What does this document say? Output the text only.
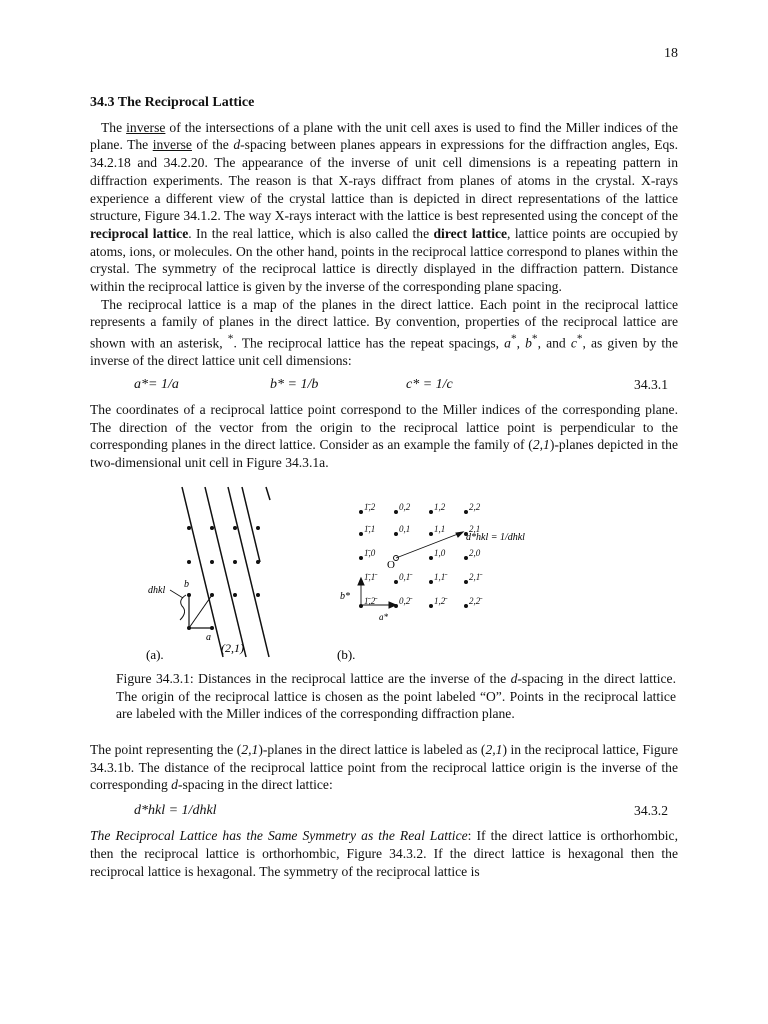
18
34.3 The Reciprocal Lattice

The inverse of the intersections of a plane with the unit cell axes is used to find the Miller indices of the plane. The inverse of the d-spacing between planes appears in expressions for the diffraction angles, Eqs. 34.2.18 and 34.2.20. The appearance of the inverse of unit cell dimensions is a repeating pattern in diffraction experiments. The reason is that X-rays diffract from planes of atoms in the crystal. X-rays experience a different view of the crystal lattice than is depicted in direct representations of the lattice structure, Figure 34.1.2. The way X-rays interact with the lattice is best represented using the concept of the reciprocal lattice. In the real lattice, which is also called the direct lattice, lattice points are occupied by atoms, ions, or molecules. On the other hand, points in the reciprocal lattice correspond to planes within the crystal. The symmetry of the reciprocal lattice is directly displayed in the diffraction pattern. Distance within the reciprocal lattice is given by the inverse of the corresponding plane spacing.

The reciprocal lattice is a map of the planes in the direct lattice. Each point in the reciprocal lattice represents a family of planes in the direct lattice. By convention, properties of the reciprocal lattice are shown with an asterisk, *. The reciprocal lattice has the repeat spacings, a*, b*, and c*, as given by the inverse of the direct lattice unit cell dimensions:

a*= 1/a	b* = 1/b	c* = 1/c	34.3.1

The coordinates of a reciprocal lattice point correspond to the Miller indices of the corresponding plane. The direction of the vector from the origin to the reciprocal lattice point is perpendicular to the corresponding planes in the direct lattice. Consider as an example the family of (2,1)-planes depicted in the two-dimensional unit cell in Figure 34.3.1a.

dhkl
b
a
(2,1)
(a).
1̄,2	0,2	1,2	2,2
1̄,1	0,1	1,1	2,1
1̄,0	1,0	2,0
1̄,1̄	0,1̄	1,1̄	2,1̄
1̄,2̄	0,2̄	1,2̄	2,2̄
O
b*
a*
d*hkl = 1/dhkl
(b).

Figure 34.3.1: Distances in the reciprocal lattice are the inverse of the d-spacing in the direct lattice. The origin of the reciprocal lattice is chosen as the point labeled “O”. Points in the reciprocal lattice are labeled with the Miller indices of the corresponding diffraction plane.

The point representing the (2,1)-planes in the direct lattice is labeled as (2,1) in the reciprocal lattice, Figure 34.3.1b. The distance of the reciprocal lattice point from the reciprocal lattice origin is the inverse of the corresponding d-spacing in the direct lattice:

d*hkl = 1/dhkl	34.3.2

The Reciprocal Lattice has the Same Symmetry as the Real Lattice: If the direct lattice is orthorhombic, then the reciprocal lattice is orthorhombic, Figure 34.3.2. If the direct lattice is hexagonal then the reciprocal lattice is hexagonal. The symmetry of the reciprocal lattice is
